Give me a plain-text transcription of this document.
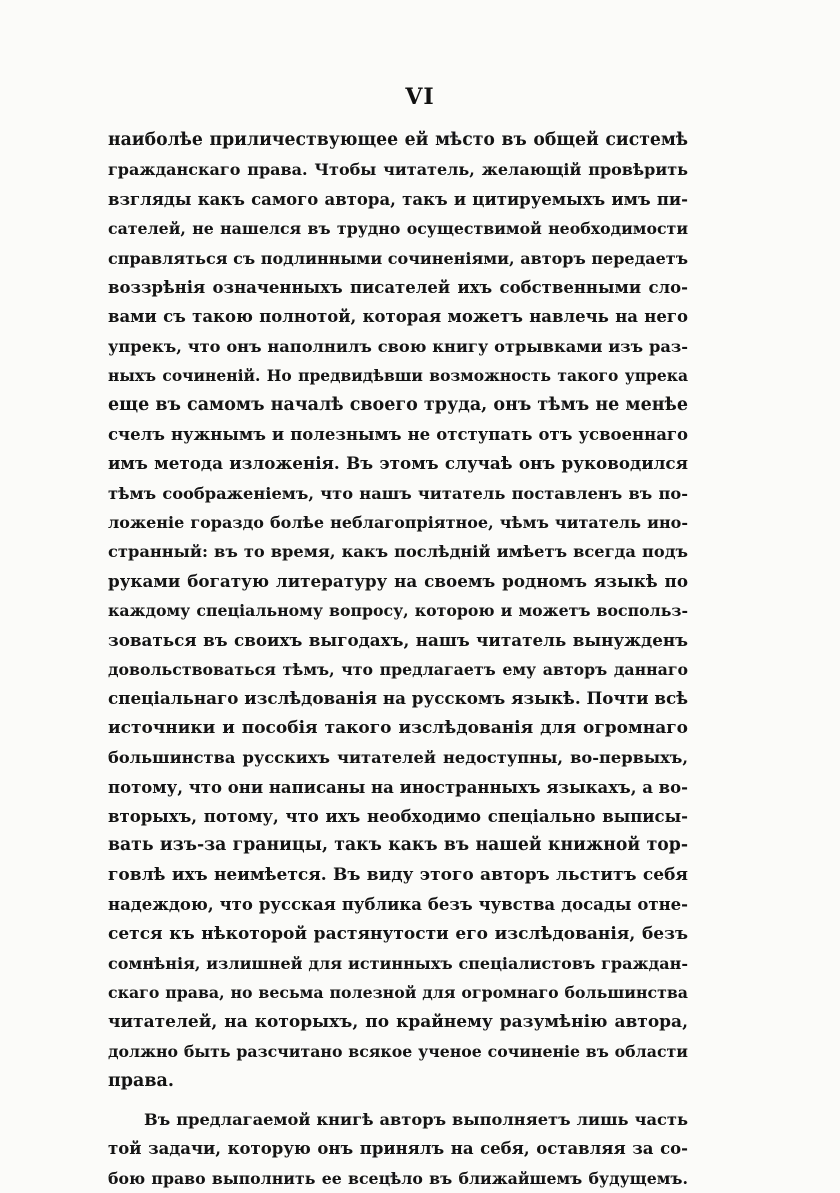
VI
наиболѣе приличествующее ей мѣсто въ общей системѣ
гражданскаго права. Чтобы читатель, желающій провѣрить
взгляды какъ самого автора, такъ и цитируемыхъ имъ пи-
сателей, не нашелся въ трудно осуществимой необходимости
справляться съ подлинными сочиненіями, авторъ передаетъ
воззрѣнія означенныхъ писателей ихъ собственными сло-
вами съ такою полнотой, которая можетъ навлечь на него
упрекъ, что онъ наполнилъ свою книгу отрывками изъ раз-
ныхъ сочиненій. Но предвидѣвши возможность такого упрека
еще въ самомъ началѣ своего труда, онъ тѣмъ не менѣе
счелъ нужнымъ и полезнымъ не отступать отъ усвоеннаго
имъ метода изложенія. Въ этомъ случаѣ онъ руководился
тѣмъ соображеніемъ, что нашъ читатель поставленъ въ по-
ложеніе гораздо болѣе неблагопріятное, чѣмъ читатель ино-
странный: въ то время, какъ послѣдній имѣетъ всегда подъ
руками богатую литературу на своемъ родномъ языкѣ по
каждому спеціальному вопросу, которою и можетъ воспольз-
зоваться въ своихъ выгодахъ, нашъ читатель вынужденъ
довольствоваться тѣмъ, что предлагаетъ ему авторъ даннаго
спеціальнаго изслѣдованія на русскомъ языкѣ. Почти всѣ
источники и пособія такого изслѣдованія для огромнаго
большинства русскихъ читателей недоступны, во-первыхъ,
потому, что они написаны на иностранныхъ языкахъ, а во-
вторыхъ, потому, что ихъ необходимо спеціально выписы-
вать изъ-за границы, такъ какъ въ нашей книжной тор-
говлѣ ихъ неимѣется. Въ виду этого авторъ льститъ себя
надеждою, что русская публика безъ чувства досады отне-
сется къ нѣкоторой растянутости его изслѣдованія, безъ
сомнѣнія, излишней для истинныхъ спеціалистовъ граждан-
скаго права, но весьма полезной для огромнаго большинства
читателей, на которыхъ, по крайнему разумѣнію автора,
должно быть разсчитано всякое ученое сочиненіе въ области
права.
Въ предлагаемой книгѣ авторъ выполняетъ лишь часть
той задачи, которую онъ принялъ на себя, оставляя за со-
бою право выполнить ее всецѣло въ ближайшемъ будущемъ.
